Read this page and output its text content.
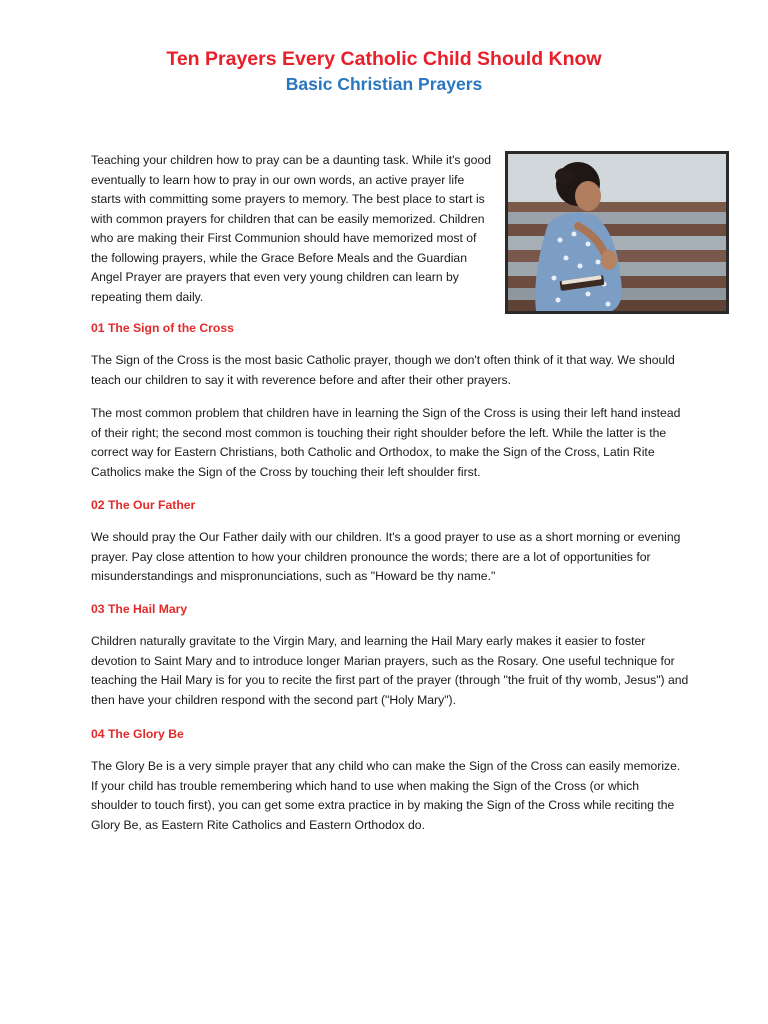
Ten Prayers Every Catholic Child Should Know
Basic Christian Prayers

Teaching your children how to pray can be a daunting task. While it's good eventually to learn how to pray in our own words, an active prayer life starts with committing some prayers to memory. The best place to start is with common prayers for children that can be easily memorized. Children who are making their First Communion should have memorized most of the following prayers, while the Grace Before Meals and the Guardian Angel Prayer are prayers that even very young children can learn by repeating them daily.

01 The Sign of the Cross

The Sign of the Cross is the most basic Catholic prayer, though we don't often think of it that way. We should teach our children to say it with reverence before and after their other prayers.

The most common problem that children have in learning the Sign of the Cross is using their left hand instead of their right; the second most common is touching their right shoulder before the left. While the latter is the correct way for Eastern Christians, both Catholic and Orthodox, to make the Sign of the Cross, Latin Rite Catholics make the Sign of the Cross by touching their left shoulder first.

02 The Our Father

We should pray the Our Father daily with our children. It's a good prayer to use as a short morning or evening prayer. Pay close attention to how your children pronounce the words; there are a lot of opportunities for misunderstandings and mispronunciations, such as "Howard be thy name."

03 The Hail Mary

Children naturally gravitate to the Virgin Mary, and learning the Hail Mary early makes it easier to foster devotion to Saint Mary and to introduce longer Marian prayers, such as the Rosary. One useful technique for teaching the Hail Mary is for you to recite the first part of the prayer (through "the fruit of thy womb, Jesus") and then have your children respond with the second part ("Holy Mary").

04 The Glory Be

The Glory Be is a very simple prayer that any child who can make the Sign of the Cross can easily memorize. If your child has trouble remembering which hand to use when making the Sign of the Cross (or which shoulder to touch first), you can get some extra practice in by making the Sign of the Cross while reciting the Glory Be, as Eastern Rite Catholics and Eastern Orthodox do.
